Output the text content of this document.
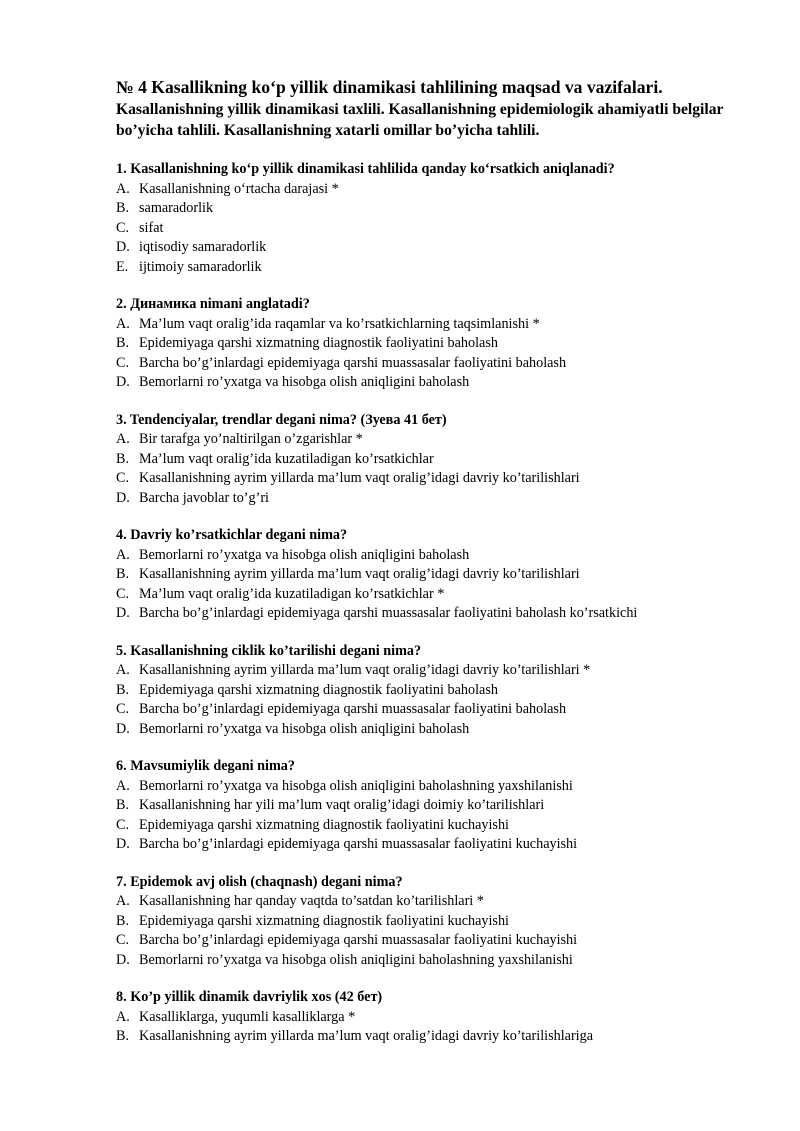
№ 4 Kasallikning ko‘p yillik dinamikasi tahlilining maqsad va vazifalari.

Kasallanishning yillik dinamikasi taxlili. Kasallanishning epidemiologik ahamiyatli belgilar bo’yicha tahlili. Kasallanishning xatarli omillar bo’yicha tahlili.

1. Kasallanishning ko‘p yillik dinamikasi tahlilida qanday ko‘rsatkich aniqlanadi?

A. Kasallanishning o‘rtacha darajasi *
B. samaradorlik
C. sifat
D. iqtisodiy samaradorlik
E. ijtimoiy samaradorlik

2. Динамика nimani anglatadi?

A. Ma’lum vaqt oralig’ida raqamlar va ko’rsatkichlarning taqsimlanishi *
B. Epidemiyaga qarshi xizmatning diagnostik faoliyatini baholash
C. Barcha bo’g’inlardagi epidemiyaga qarshi muassasalar faoliyatini baholash
D. Bemorlarni ro’yxatga va hisobga olish aniqligini baholash

3. Tendenciyalar, trendlar degani nima? (Зуева 41 бет)

A. Bir tarafga yo’naltirilgan o’zgarishlar *
B. Ma’lum vaqt oralig’ida kuzatiladigan ko’rsatkichlar
C. Kasallanishning ayrim yillarda ma’lum vaqt oralig’idagi davriy ko’tarilishlari
D. Barcha javoblar to’g’ri

4. Davriy ko’rsatkichlar degani nima?

A. Bemorlarni ro’yxatga va hisobga olish aniqligini baholash
B. Kasallanishning ayrim yillarda ma’lum vaqt oralig’idagi davriy ko’tarilishlari
C. Ma’lum vaqt oralig’ida kuzatiladigan ko’rsatkichlar *
D. Barcha bo’g’inlardagi epidemiyaga qarshi muassasalar faoliyatini baholash ko’rsatkichi

5. Kasallanishning ciklik ko’tarilishi degani nima?

A. Kasallanishning ayrim yillarda ma’lum vaqt oralig’idagi davriy ko’tarilishlari *
B. Epidemiyaga qarshi xizmatning diagnostik faoliyatini baholash
C. Barcha bo’g’inlardagi epidemiyaga qarshi muassasalar faoliyatini baholash
D. Bemorlarni ro’yxatga va hisobga olish aniqligini baholash

6. Mavsumiylik degani nima?

A. Bemorlarni ro’yxatga va hisobga olish aniqligini baholashning yaxshilanishi
B. Kasallanishning har yili ma’lum vaqt oralig’idagi doimiy ko’tarilishlari
C. Epidemiyaga qarshi xizmatning diagnostik faoliyatini kuchayishi
D. Barcha bo’g’inlardagi epidemiyaga qarshi muassasalar faoliyatini kuchayishi

7. Epidemok avj olish (chaqnash) degani nima?

A. Kasallanishning har qanday vaqtda to’satdan ko’tarilishlari *
B. Epidemiyaga qarshi xizmatning diagnostik faoliyatini kuchayishi
C. Barcha bo’g’inlardagi epidemiyaga qarshi muassasalar faoliyatini kuchayishi
D. Bemorlarni ro’yxatga va hisobga olish aniqligini baholashning yaxshilanishi

8. Ko’p yillik dinamik davriylik xos (42 бет)

A. Kasalliklarga, yuqumli kasalliklarga *
B. Kasallanishning ayrim yillarda ma’lum vaqt oralig’idagi davriy ko’tarilishlariga
